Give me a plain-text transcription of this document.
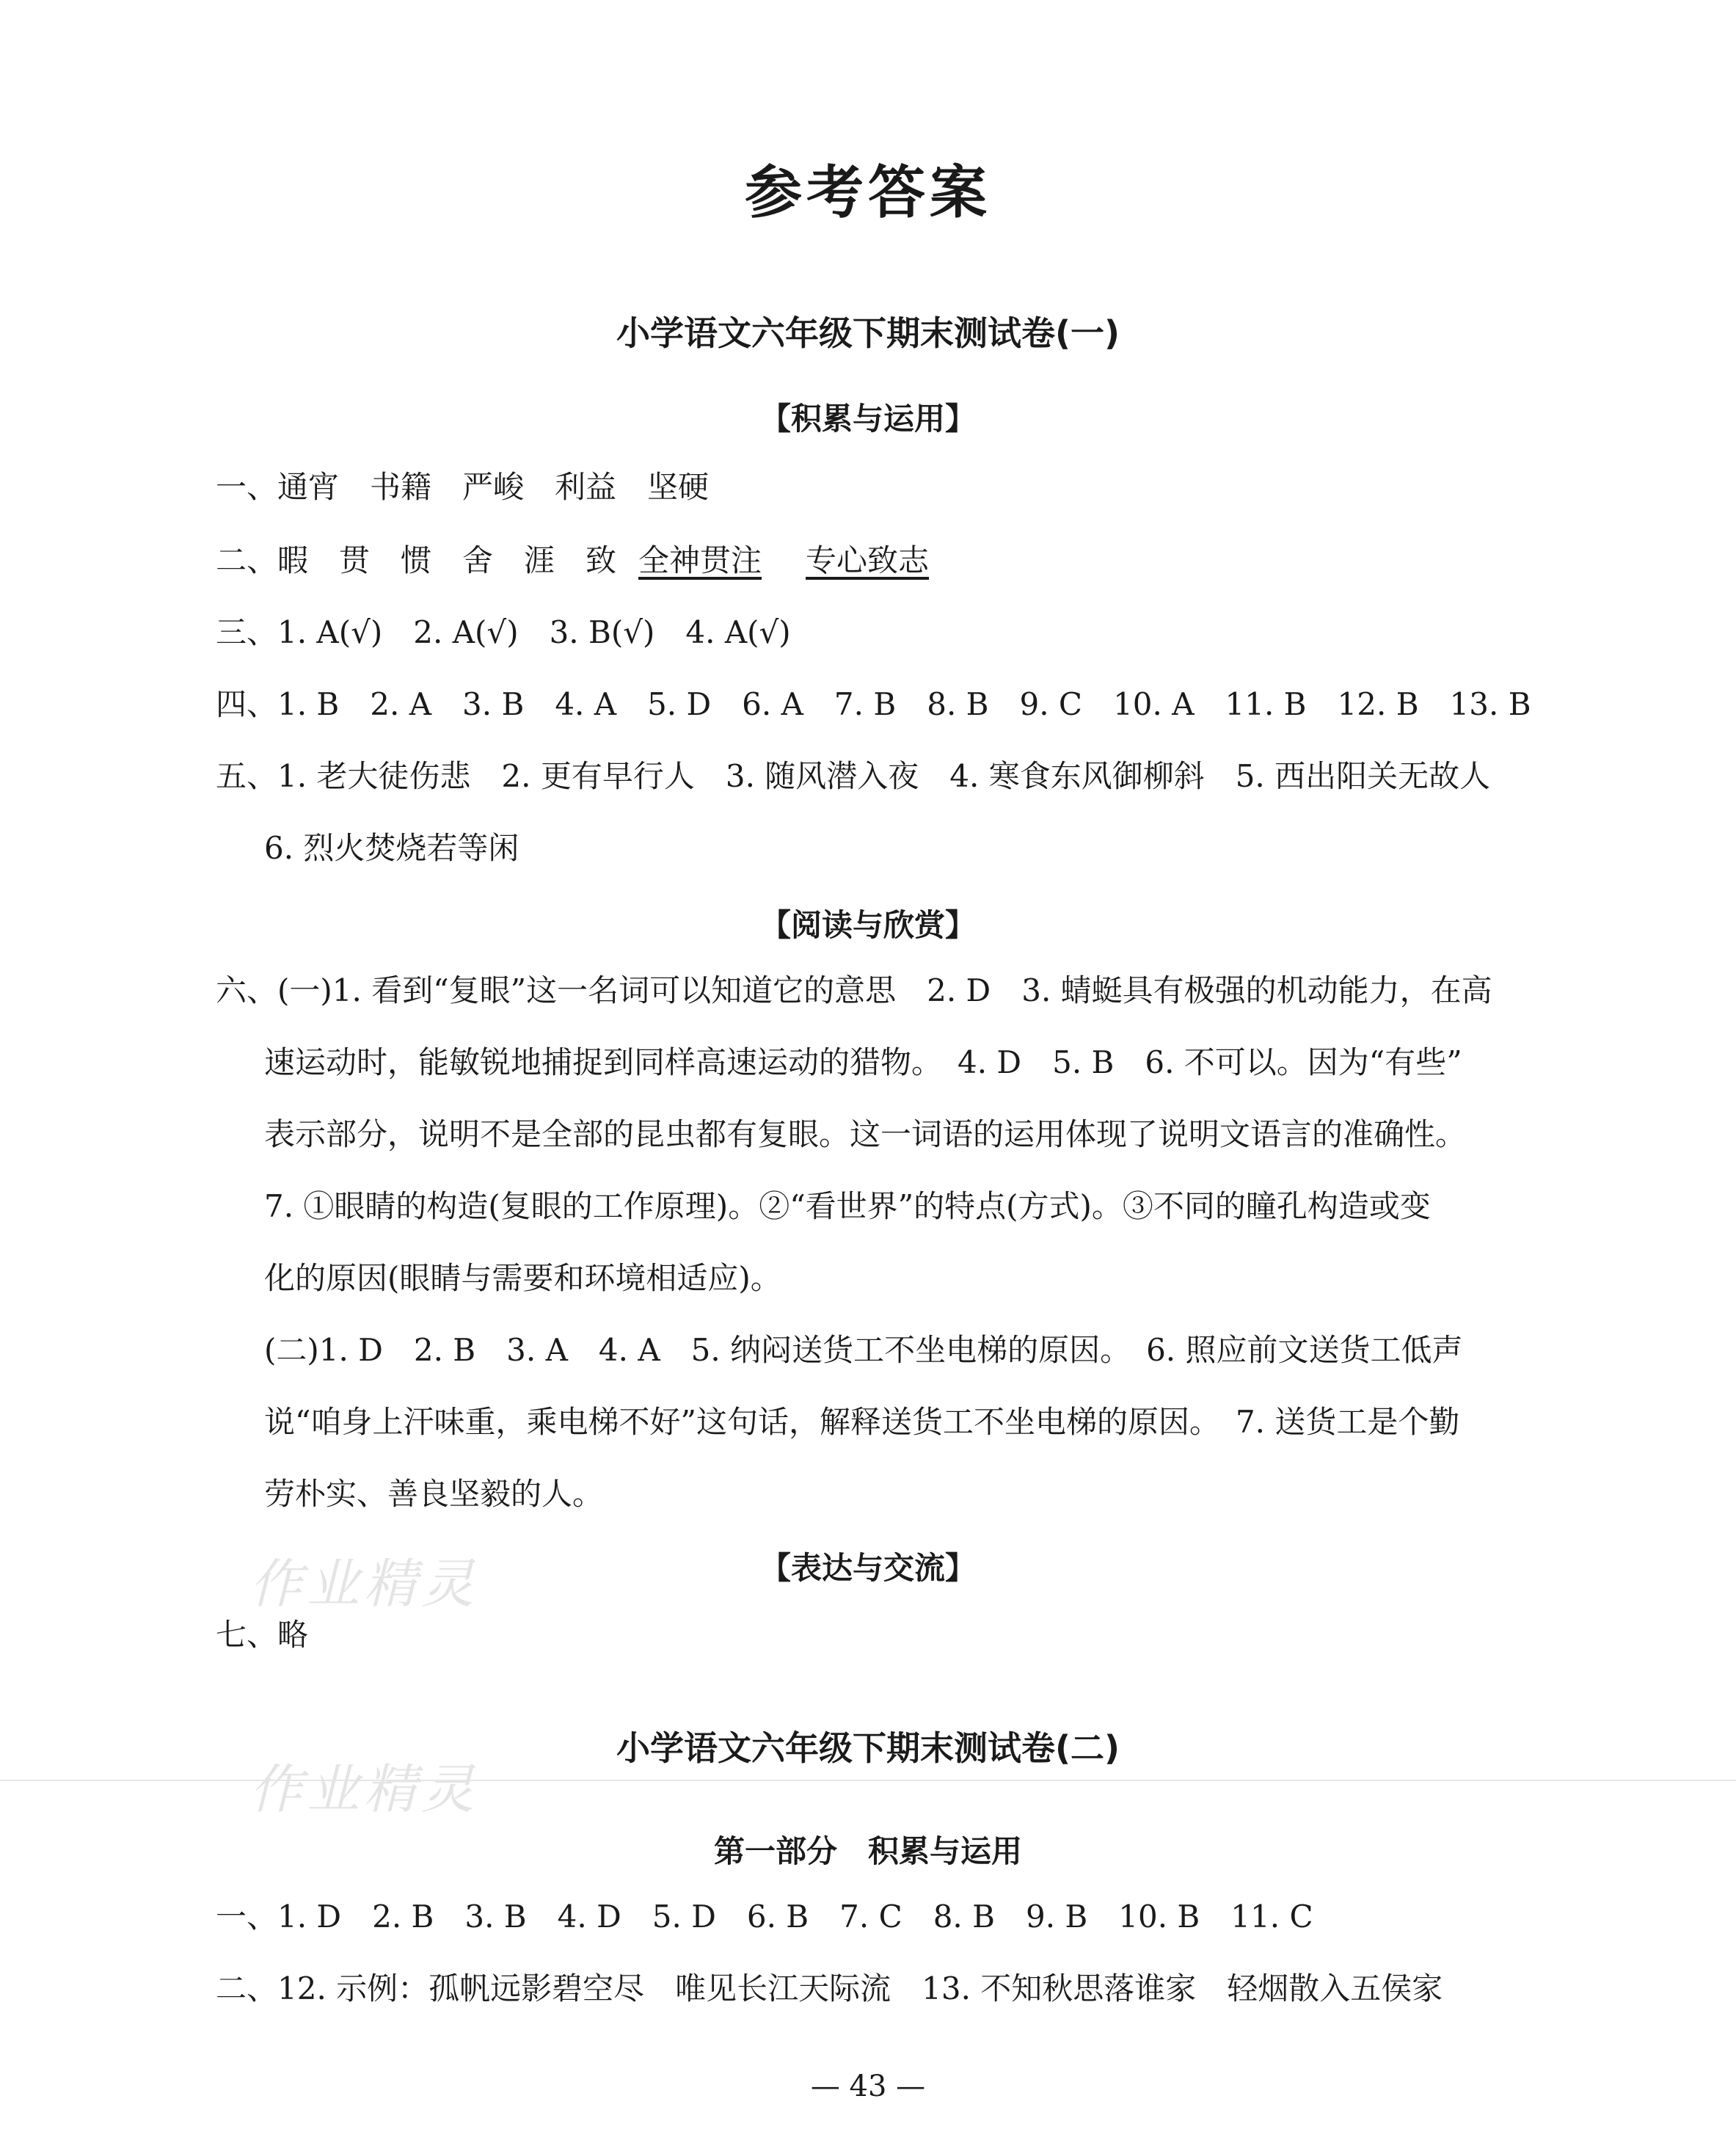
参考答案
小学语文六年级下期末测试卷(一)
【积累与运用】

一、通宵　书籍　严峻　利益　坚硬

二、暇　贯　惯　舍　涯　致 全神贯注 专心致志

三、1. A(√)　2. A(√)　3. B(√)　4. A(√)

四、1. B　2. A　3. B　4. A　5. D　6. A　7. B　8. B　9. C　10. A　11. B　12. B　13. B

五、1. 老大徒伤悲　2. 更有早行人　3. 随风潜入夜　4. 寒食东风御柳斜　5. 西出阳关无故人

6. 烈火焚烧若等闲

【阅读与欣赏】

六、(一)1. 看到“复眼”这一名词可以知道它的意思　2. D　3. 蜻蜓具有极强的机动能力，在高

速运动时，能敏锐地捕捉到同样高速运动的猎物。　4. D　5. B　6. 不可以。因为“有些”

表示部分，说明不是全部的昆虫都有复眼。这一词语的运用体现了说明文语言的准确性。

7. ①眼睛的构造(复眼的工作原理)。②“看世界”的特点(方式)。③不同的瞳孔构造或变

化的原因(眼睛与需要和环境相适应)。

(二)1. D　2. B　3. A　4. A　5. 纳闷送货工不坐电梯的原因。　6. 照应前文送货工低声

说“咱身上汗味重，乘电梯不好”这句话，解释送货工不坐电梯的原因。　7. 送货工是个勤

劳朴实、善良坚毅的人。

【表达与交流】

七、略

小学语文六年级下期末测试卷(二)
第一部分　积累与运用

一、1. D　2. B　3. B　4. D　5. D　6. B　7. C　8. B　9. B　10. B　11. C

二、12. 示例：孤帆远影碧空尽　唯见长江天际流　13. 不知秋思落谁家　轻烟散入五侯家

— 43 —
作业精灵
作业精灵
